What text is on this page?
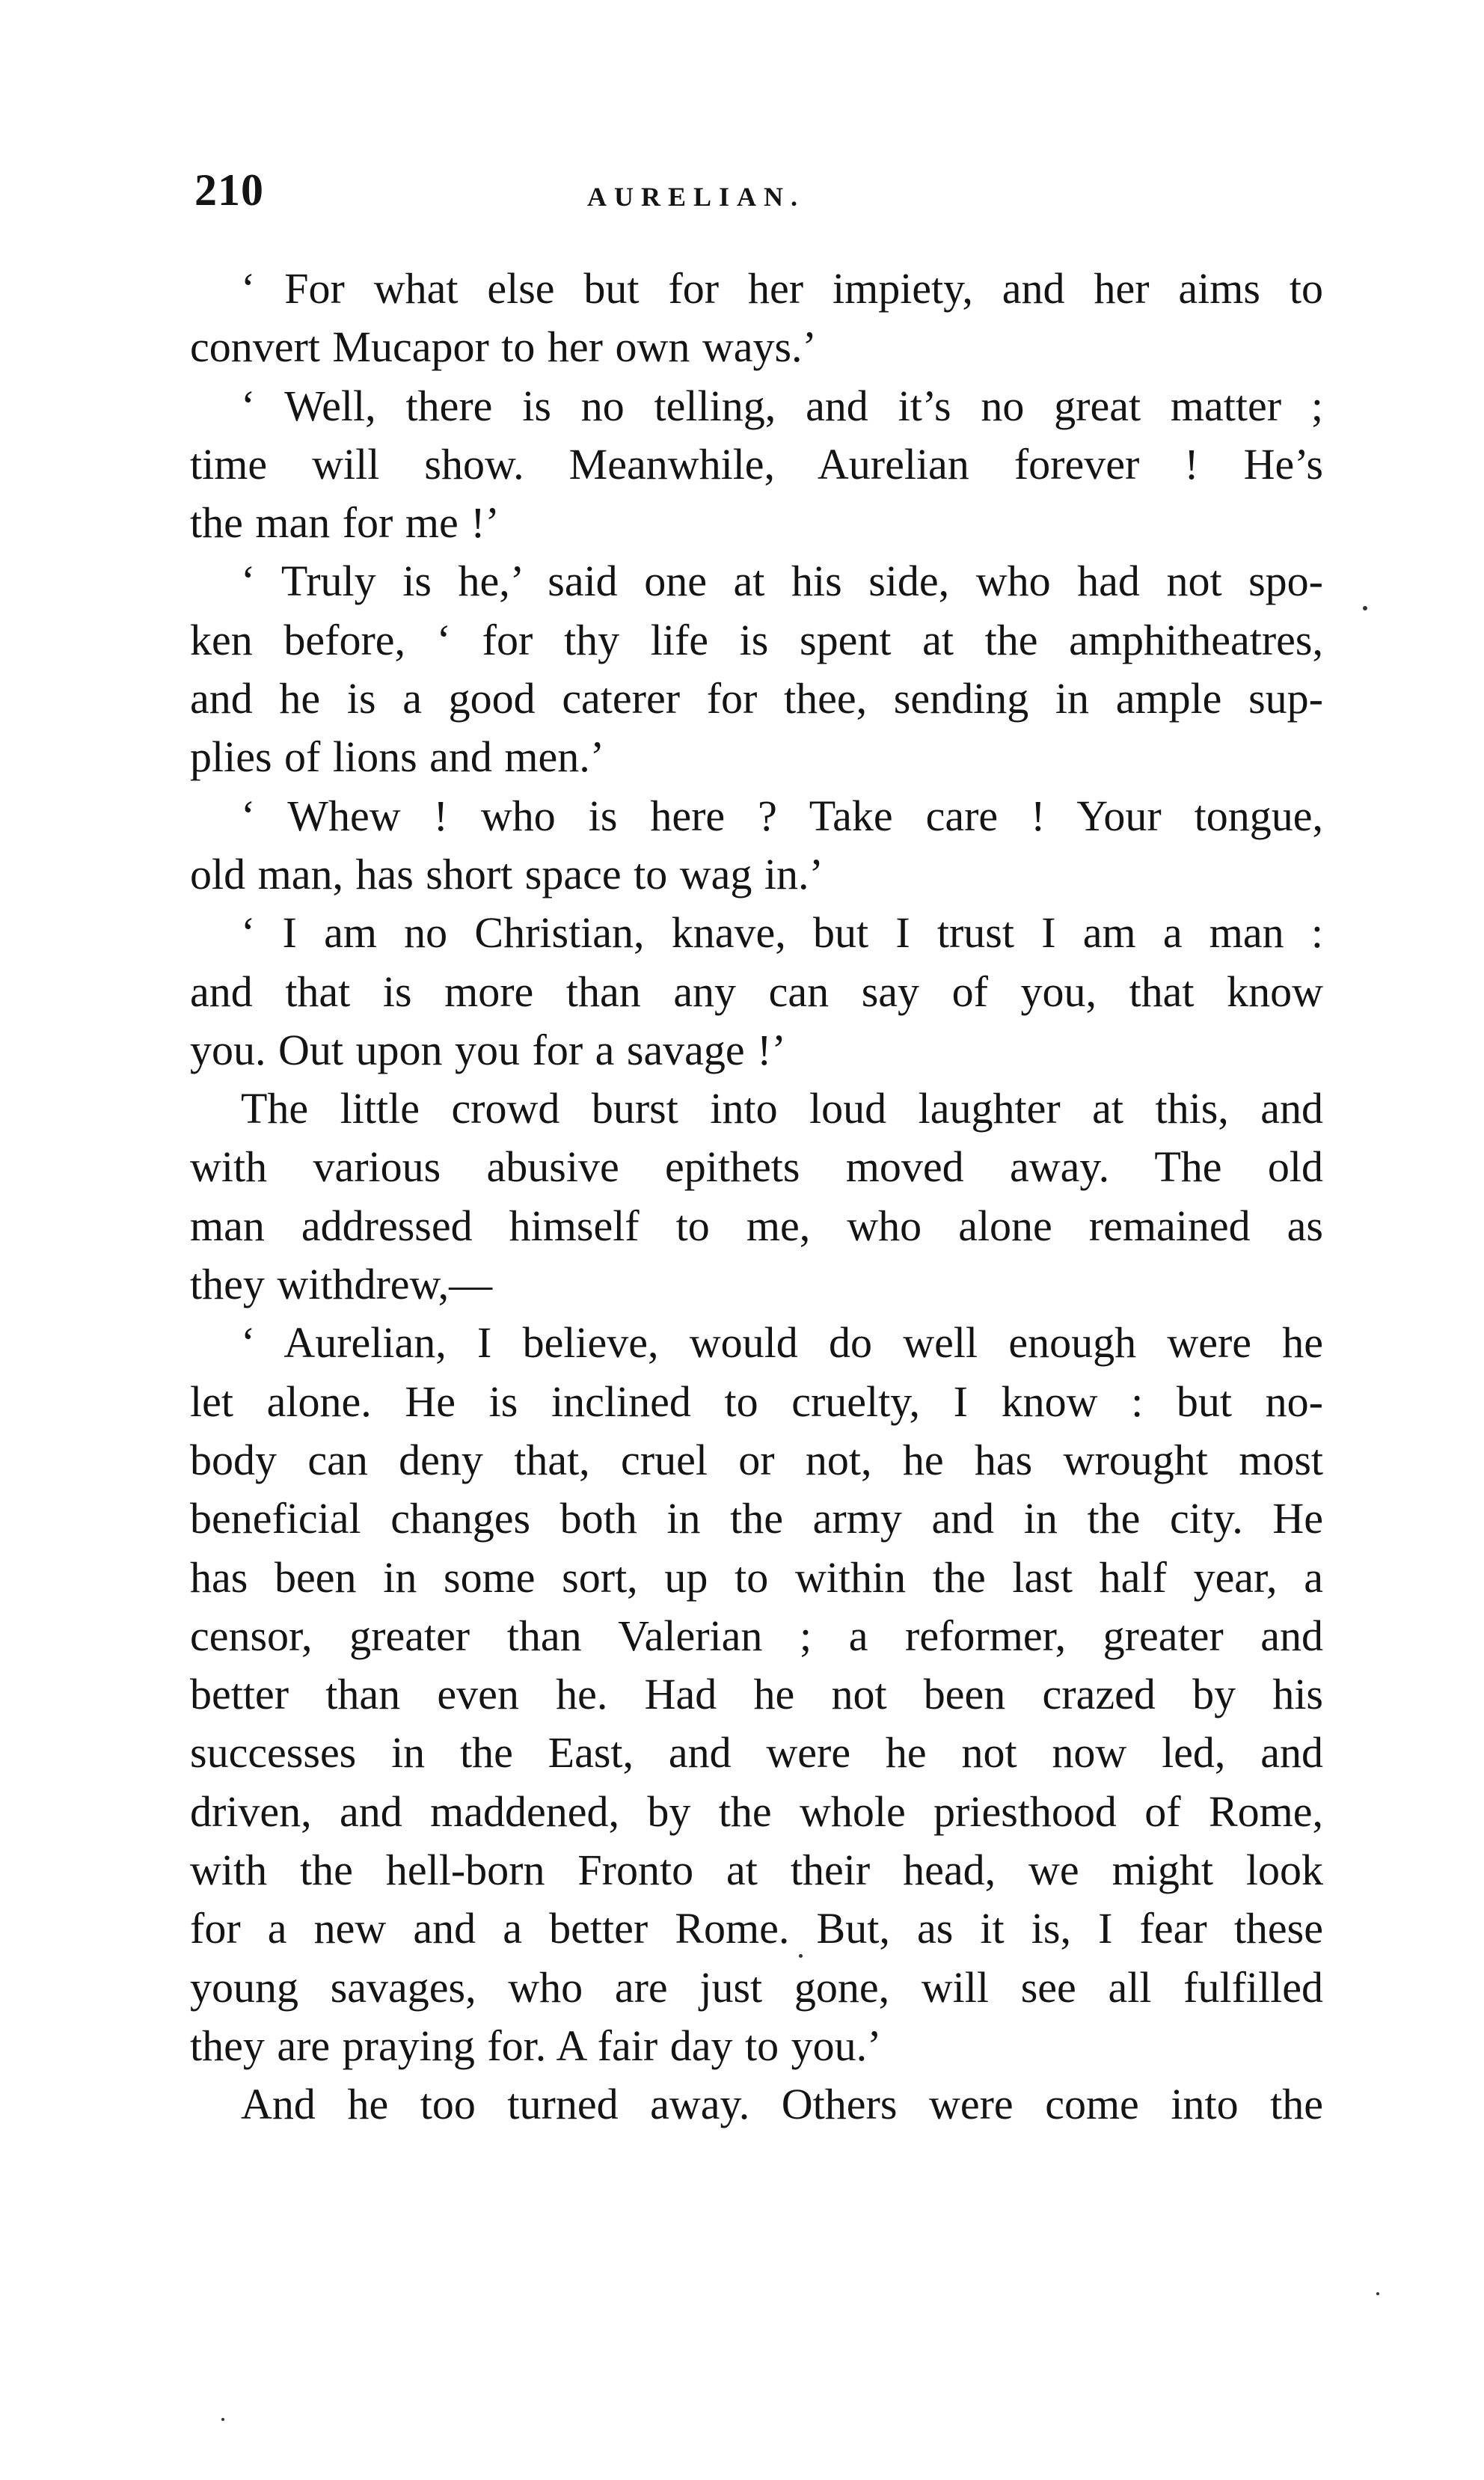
210	AURELIAN.
‘ For what else but for her impiety, and her aims to
convert Mucapor to her own ways.’
‘ Well, there is no telling, and it’s no great matter ;
time will show. Meanwhile, Aurelian forever ! He’s
the man for me !’
‘ Truly is he,’ said one at his side, who had not spo-
ken before, ‘ for thy life is spent at the amphitheatres,
and he is a good caterer for thee, sending in ample sup-
plies of lions and men.’
‘ Whew ! who is here ? Take care ! Your tongue,
old man, has short space to wag in.’
‘ I am no Christian, knave, but I trust I am a man :
and that is more than any can say of you, that know
you. Out upon you for a savage !’
The little crowd burst into loud laughter at this, and
with various abusive epithets moved away. The old
man addressed himself to me, who alone remained as
they withdrew,—
‘ Aurelian, I believe, would do well enough were he
let alone. He is inclined to cruelty, I know : but no-
body can deny that, cruel or not, he has wrought most
beneficial changes both in the army and in the city. He
has been in some sort, up to within the last half year, a
censor, greater than Valerian ; a reformer, greater and
better than even he. Had he not been crazed by his
successes in the East, and were he not now led, and
driven, and maddened, by the whole priesthood of Rome,
with the hell-born Fronto at their head, we might look
for a new and a better Rome. But, as it is, I fear these
young savages, who are just gone, will see all fulfilled
they are praying for. A fair day to you.’
And he too turned away. Others were come into the
